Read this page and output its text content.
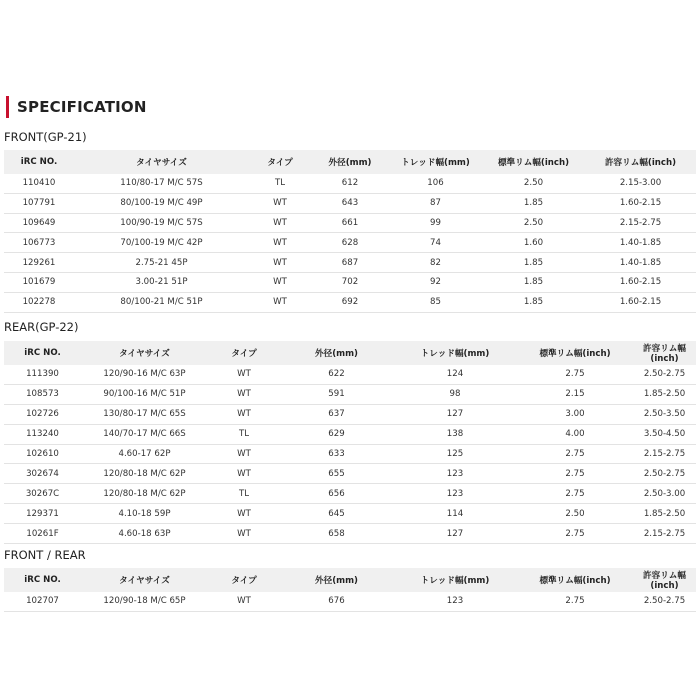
SPECIFICATION
FRONT(GP-21)
iRC NO.	タイヤサイズ	タイプ	外径(mm)	トレッド幅(mm)	標準リム幅(inch)	許容リム幅(inch)
110410	110/80-17 M/C 57S	TL	612	106	2.50	2.15-3.00
107791	80/100-19 M/C 49P	WT	643	87	1.85	1.60-2.15
109649	100/90-19 M/C 57S	WT	661	99	2.50	2.15-2.75
106773	70/100-19 M/C 42P	WT	628	74	1.60	1.40-1.85
129261	2.75-21 45P	WT	687	82	1.85	1.40-1.85
101679	3.00-21 51P	WT	702	92	1.85	1.60-2.15
102278	80/100-21 M/C 51P	WT	692	85	1.85	1.60-2.15
REAR(GP-22)
iRC NO.	タイヤサイズ	タイプ	外径(mm)	トレッド幅(mm)	標準リム幅(inch)	許容リム幅(inch)
111390	120/90-16 M/C 63P	WT	622	124	2.75	2.50-2.75
108573	90/100-16 M/C 51P	WT	591	98	2.15	1.85-2.50
102726	130/80-17 M/C 65S	WT	637	127	3.00	2.50-3.50
113240	140/70-17 M/C 66S	TL	629	138	4.00	3.50-4.50
102610	4.60-17 62P	WT	633	125	2.75	2.15-2.75
302674	120/80-18 M/C 62P	WT	655	123	2.75	2.50-2.75
30267C	120/80-18 M/C 62P	TL	656	123	2.75	2.50-3.00
129371	4.10-18 59P	WT	645	114	2.50	1.85-2.50
10261F	4.60-18 63P	WT	658	127	2.75	2.15-2.75
FRONT / REAR
iRC NO.	タイヤサイズ	タイプ	外径(mm)	トレッド幅(mm)	標準リム幅(inch)	許容リム幅(inch)
102707	120/90-18 M/C 65P	WT	676	123	2.75	2.50-2.75
